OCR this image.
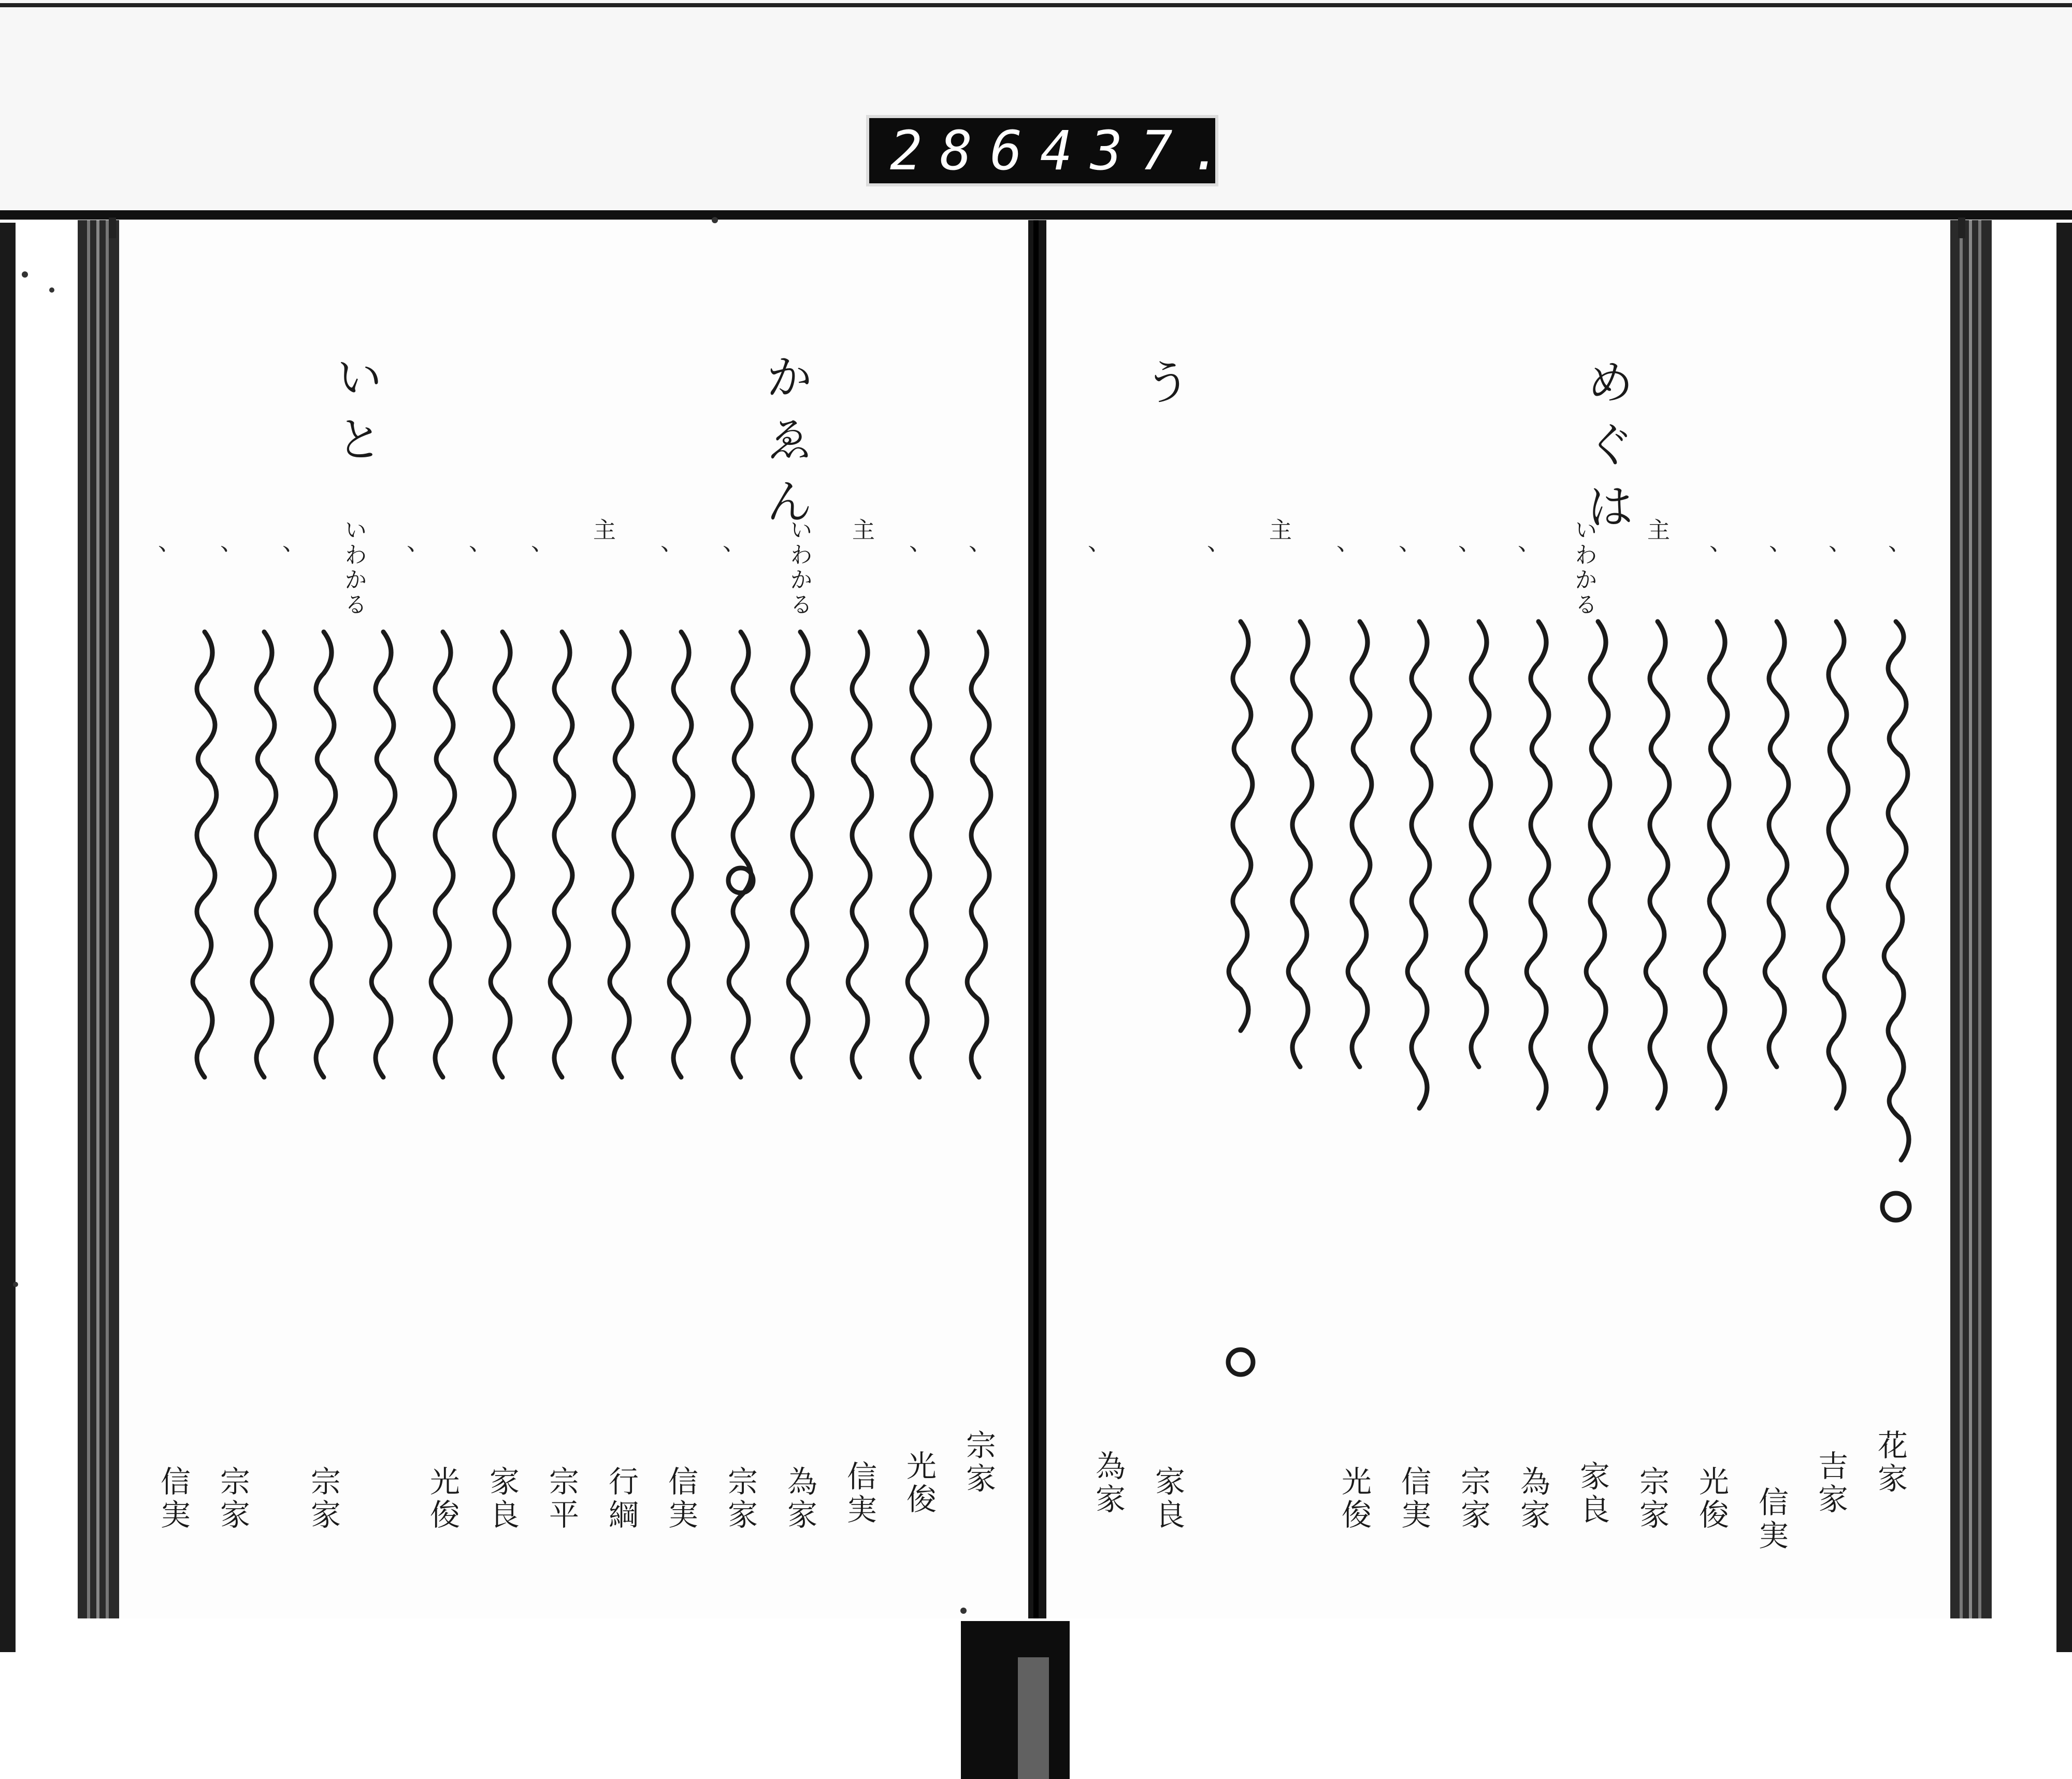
286 437.
めぐは
う
主
いわかる
主	、
、
、
、
、
、
、
、
、
、
花家
吉家
信実
光俊
宗家
家良
為家
宗家
信実
光俊
家良
為家
かゑん
いと
主
いわかる
主
いわかる	、
、
、
、
、
、
、
、
、
、
宗家
光俊
信実
為家
宗家
信実
行綱
宗平
家良
光俊
宗家
宗家
信実
